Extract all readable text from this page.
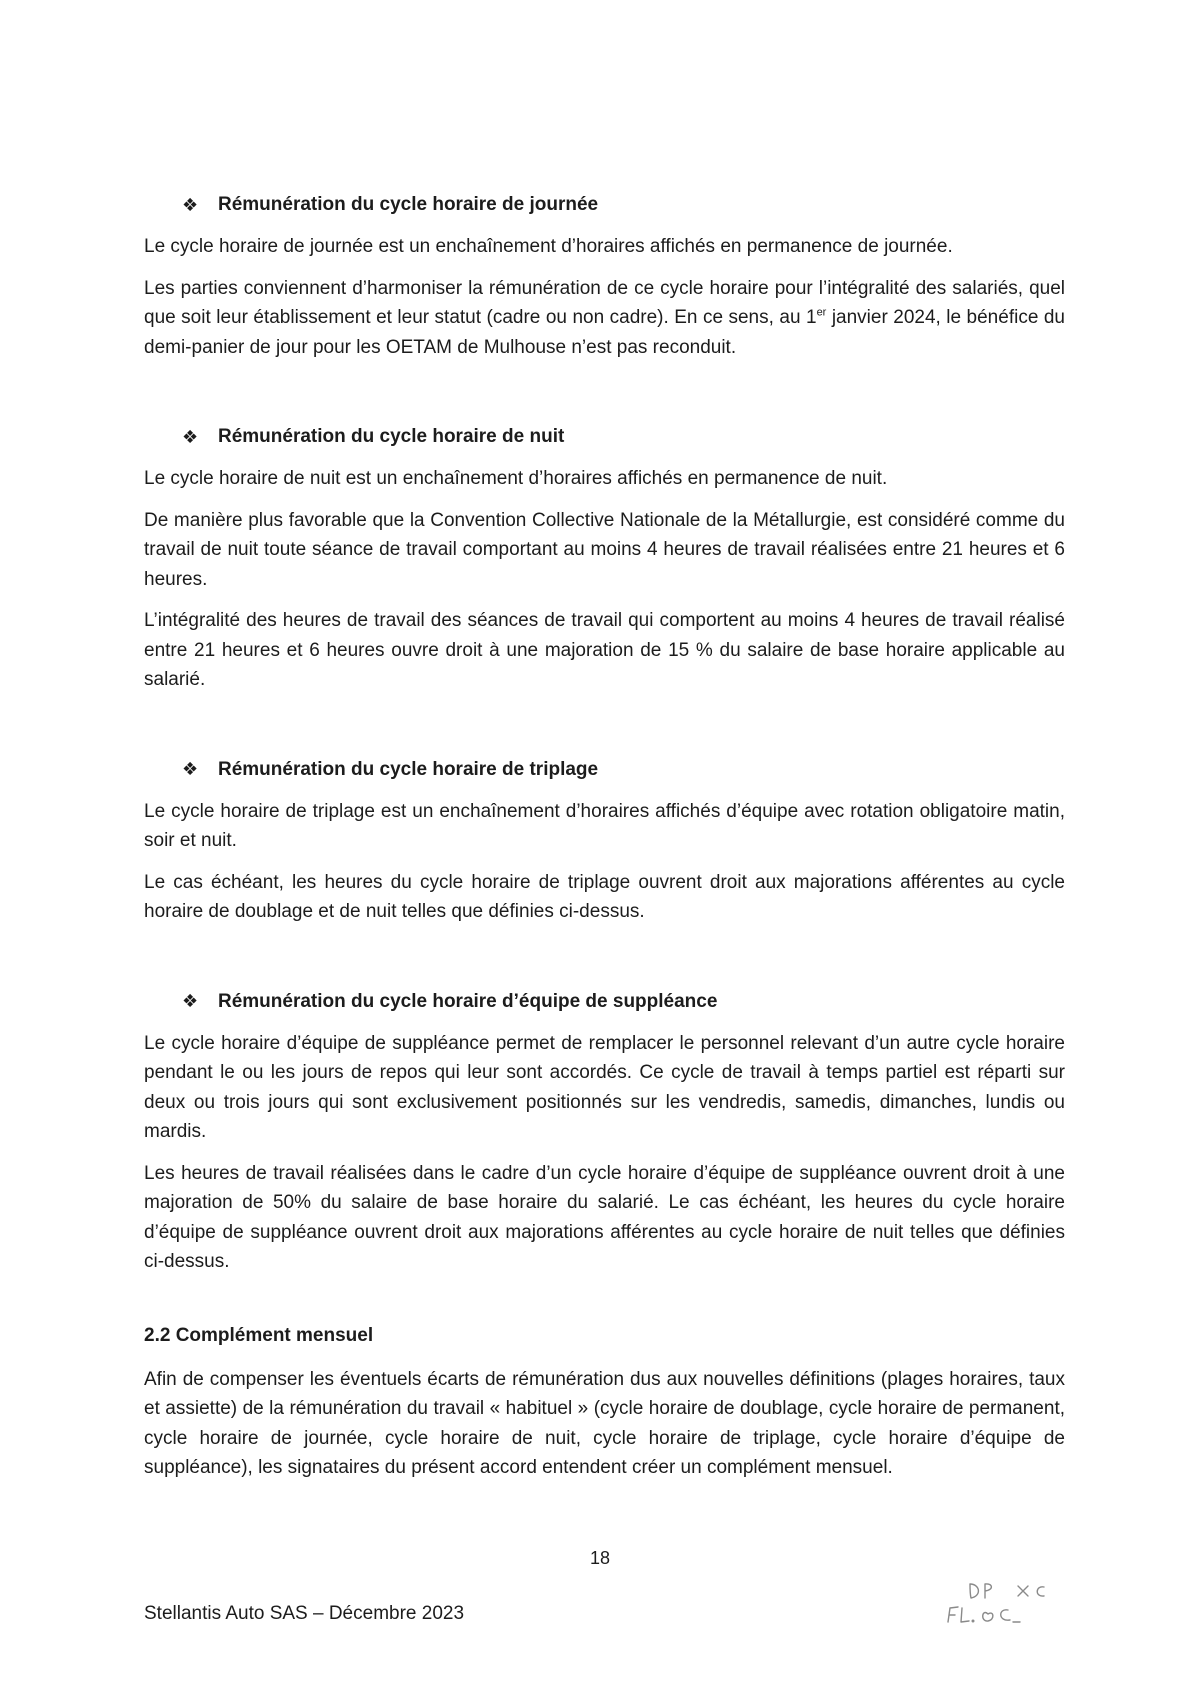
❖	Rémunération du cycle horaire de journée

Le cycle horaire de journée est un enchaînement d’horaires affichés en permanence de journée.

Les parties conviennent d’harmoniser la rémunération de ce cycle horaire pour l’intégralité des salariés, quel que soit leur établissement et leur statut (cadre ou non cadre). En ce sens, au 1er janvier 2024, le bénéfice du demi-panier de jour pour les OETAM de Mulhouse n’est pas reconduit.

❖	Rémunération du cycle horaire de nuit

Le cycle horaire de nuit est un enchaînement d’horaires affichés en permanence de nuit.

De manière plus favorable que la Convention Collective Nationale de la Métallurgie, est considéré comme du travail de nuit toute séance de travail comportant au moins 4 heures de travail réalisées entre 21 heures et 6 heures.

L’intégralité des heures de travail des séances de travail qui comportent au moins 4 heures de travail réalisé entre 21 heures et 6 heures ouvre droit à une majoration de 15 % du salaire de base horaire applicable au salarié.

❖	Rémunération du cycle horaire de triplage

Le cycle horaire de triplage est un enchaînement d’horaires affichés d’équipe avec rotation obligatoire matin, soir et nuit.

Le cas échéant, les heures du cycle horaire de triplage ouvrent droit aux majorations afférentes au cycle horaire de doublage et de nuit telles que définies ci-dessus.

❖	Rémunération du cycle horaire d’équipe de suppléance

Le cycle horaire d’équipe de suppléance permet de remplacer le personnel relevant d’un autre cycle horaire pendant le ou les jours de repos qui leur sont accordés. Ce cycle de travail à temps partiel est réparti sur deux ou trois jours qui sont exclusivement positionnés sur les vendredis, samedis, dimanches, lundis ou mardis.

Les heures de travail réalisées dans le cadre d’un cycle horaire d’équipe de suppléance ouvrent droit à une majoration de 50% du salaire de base horaire du salarié. Le cas échéant, les heures du cycle horaire d’équipe de suppléance ouvrent droit aux majorations afférentes au cycle horaire de nuit telles que définies ci-dessus.

2.2 Complément mensuel

Afin de compenser les éventuels écarts de rémunération dus aux nouvelles définitions (plages horaires, taux et assiette) de la rémunération du travail « habituel » (cycle horaire de doublage, cycle horaire de permanent, cycle horaire de journée, cycle horaire de nuit, cycle horaire de triplage, cycle horaire d’équipe de suppléance), les signataires du présent accord entendent créer un complément mensuel.

18
Stellantis Auto SAS – Décembre 2023
